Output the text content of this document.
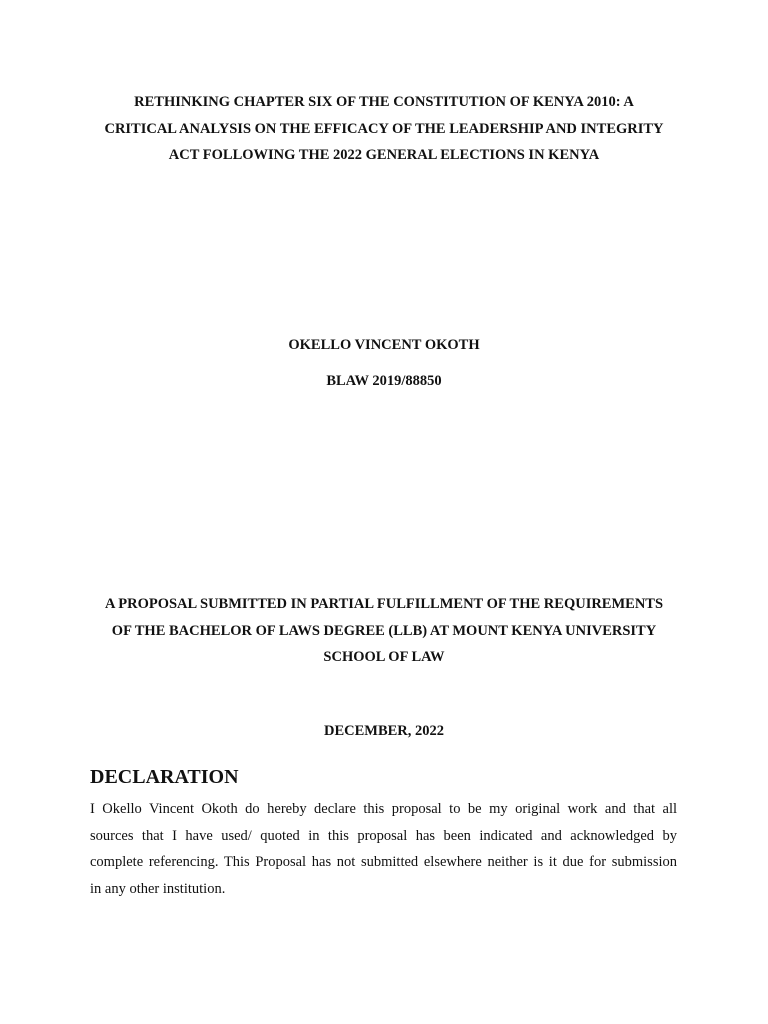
RETHINKING CHAPTER SIX OF THE CONSTITUTION OF KENYA 2010: A
CRITICAL ANALYSIS ON THE EFFICACY OF THE LEADERSHIP AND INTEGRITY
ACT FOLLOWING THE 2022 GENERAL ELECTIONS IN KENYA

OKELLO VINCENT OKOTH

BLAW 2019/88850

A PROPOSAL SUBMITTED IN PARTIAL FULFILLMENT OF THE REQUIREMENTS
OF THE BACHELOR OF LAWS DEGREE (LLB) AT MOUNT KENYA UNIVERSITY
SCHOOL OF LAW

DECEMBER, 2022

DECLARATION
I Okello Vincent Okoth do hereby declare this proposal to be my original work and that all
sources that I have used/ quoted in this proposal has been indicated and acknowledged by
complete referencing. This Proposal has not submitted elsewhere neither is it due for submission
in any other institution.
